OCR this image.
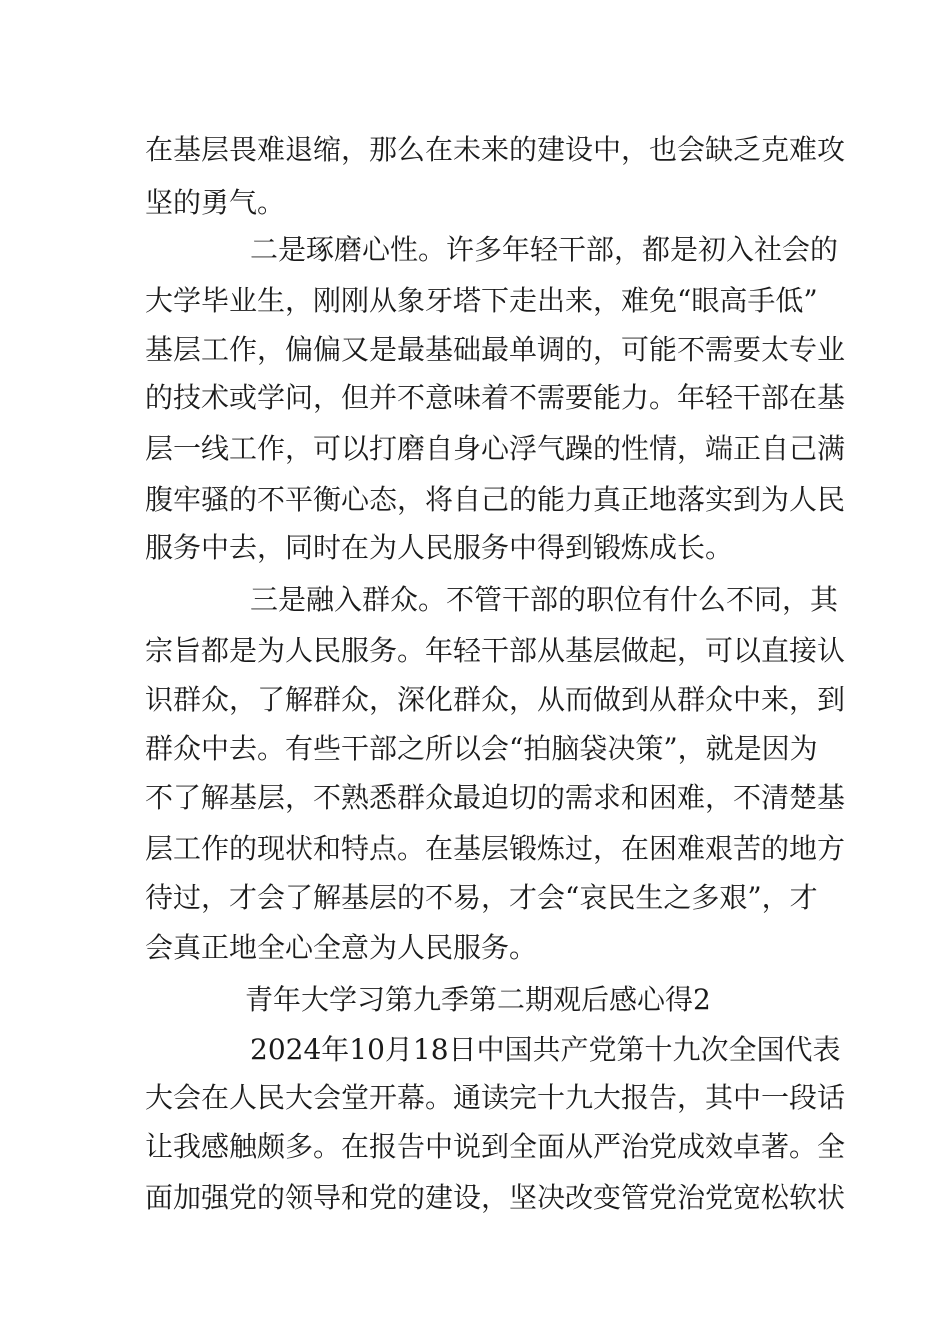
在基层畏难退缩，那么在未来的建设中，也会缺乏克难攻
坚的勇气。
二是琢磨心性。许多年轻干部，都是初入社会的
大学毕业生，刚刚从象牙塔下走出来，难免“眼高手低”
基层工作，偏偏又是最基础最单调的，可能不需要太专业
的技术或学问，但并不意味着不需要能力。年轻干部在基
层一线工作，可以打磨自身心浮气躁的性情，端正自己满
腹牢骚的不平衡心态，将自己的能力真正地落实到为人民
服务中去，同时在为人民服务中得到锻炼成长。
三是融入群众。不管干部的职位有什么不同，其
宗旨都是为人民服务。年轻干部从基层做起，可以直接认
识群众，了解群众，深化群众，从而做到从群众中来，到
群众中去。有些干部之所以会“拍脑袋决策”，就是因为
不了解基层，不熟悉群众最迫切的需求和困难，不清楚基
层工作的现状和特点。在基层锻炼过，在困难艰苦的地方
待过，才会了解基层的不易，才会“哀民生之多艰”，才
会真正地全心全意为人民服务。
青年大学习第九季第二期观后感心得2
2024年10月18日中国共产党第十九次全国代表
大会在人民大会堂开幕。通读完十九大报告，其中一段话
让我感触颇多。在报告中说到全面从严治党成效卓著。全
面加强党的领导和党的建设，坚决改变管党治党宽松软状
